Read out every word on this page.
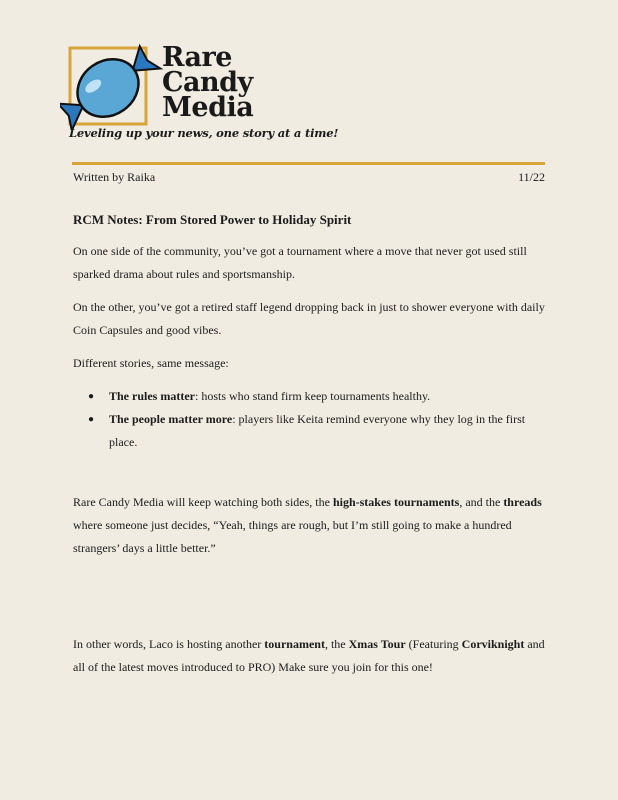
Rare
Candy
Media
Leveling up your news, one story at a time!
Written by Raika	11/22
RCM Notes: From Stored Power to Holiday Spirit

On one side of the community, you’ve got a tournament where a move that never got used still sparked drama about rules and sportsmanship.

On the other, you’ve got a retired staff legend dropping back in just to shower everyone with daily Coin Capsules and good vibes.

Different stories, same message:

● The rules matter: hosts who stand firm keep tournaments healthy.
● The people matter more: players like Keita remind everyone why they log in the first place.

Rare Candy Media will keep watching both sides, the high-stakes tournaments, and the threads where someone just decides, “Yeah, things are rough, but I’m still going to make a hundred strangers’ days a little better.”

In other words, Laco is hosting another tournament, the Xmas Tour (Featuring Corviknight and all of the latest moves introduced to PRO) Make sure you join for this one!
